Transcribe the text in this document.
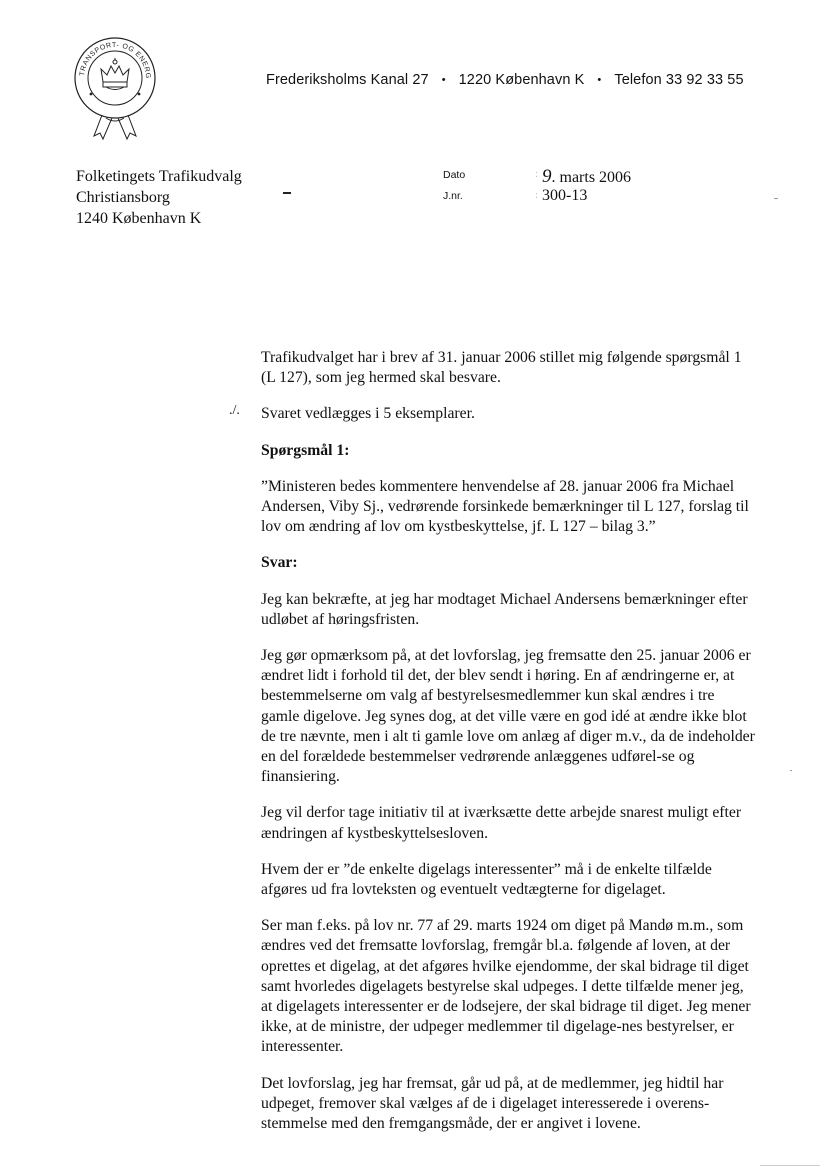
TRANSPORT- OG ENERG	Frederiksholms Kanal 27 • 1220 København K • Telefon 33 92 33 55
Folketingets Trafikudvalg
Christiansborg
1240 København K
Dato	: 9. marts 2006
J.nr.	: 300-13
./.

Trafikudvalget har i brev af 31. januar 2006 stillet mig følgende spørgsmål 1 (L 127), som jeg hermed skal besvare.

Svaret vedlægges i 5 eksemplarer.

Spørgsmål 1:

”Ministeren bedes kommentere henvendelse af 28. januar 2006 fra Michael Andersen, Viby Sj., vedrørende forsinkede bemærkninger til L 127, forslag til lov om ændring af lov om kystbeskyttelse, jf. L 127 – bilag 3.”

Svar:

Jeg kan bekræfte, at jeg har modtaget Michael Andersens bemærkninger efter udløbet af høringsfristen.

Jeg gør opmærksom på, at det lovforslag, jeg fremsatte den 25. januar 2006 er ændret lidt i forhold til det, der blev sendt i høring. En af ændringerne er, at bestemmelserne om valg af bestyrelsesmedlemmer kun skal ændres i tre gamle digelove. Jeg synes dog, at det ville være en god idé at ændre ikke blot de tre nævnte, men i alt ti gamle love om anlæg af diger m.v., da de indeholder en del forældede bestemmelser vedrørende anlæggenes udførel-se og finansiering.

Jeg vil derfor tage initiativ til at iværksætte dette arbejde snarest muligt efter ændringen af kystbeskyttelsesloven.

Hvem der er ”de enkelte digelags interessenter” må i de enkelte tilfælde afgøres ud fra lovteksten og eventuelt vedtægterne for digelaget.

Ser man f.eks. på lov nr. 77 af 29. marts 1924 om diget på Mandø m.m., som ændres ved det fremsatte lovforslag, fremgår bl.a. følgende af loven, at der oprettes et digelag, at det afgøres hvilke ejendomme, der skal bidrage til diget samt hvorledes digelagets bestyrelse skal udpeges. I dette tilfælde mener jeg, at digelagets interessenter er de lodsejere, der skal bidrage til diget. Jeg mener ikke, at de ministre, der udpeger medlemmer til digelage-nes bestyrelser, er interessenter.

Det lovforslag, jeg har fremsat, går ud på, at de medlemmer, jeg hidtil har udpeget, fremover skal vælges af de i digelaget interesserede i overens-stemmelse med den fremgangsmåde, der er angivet i lovene.
